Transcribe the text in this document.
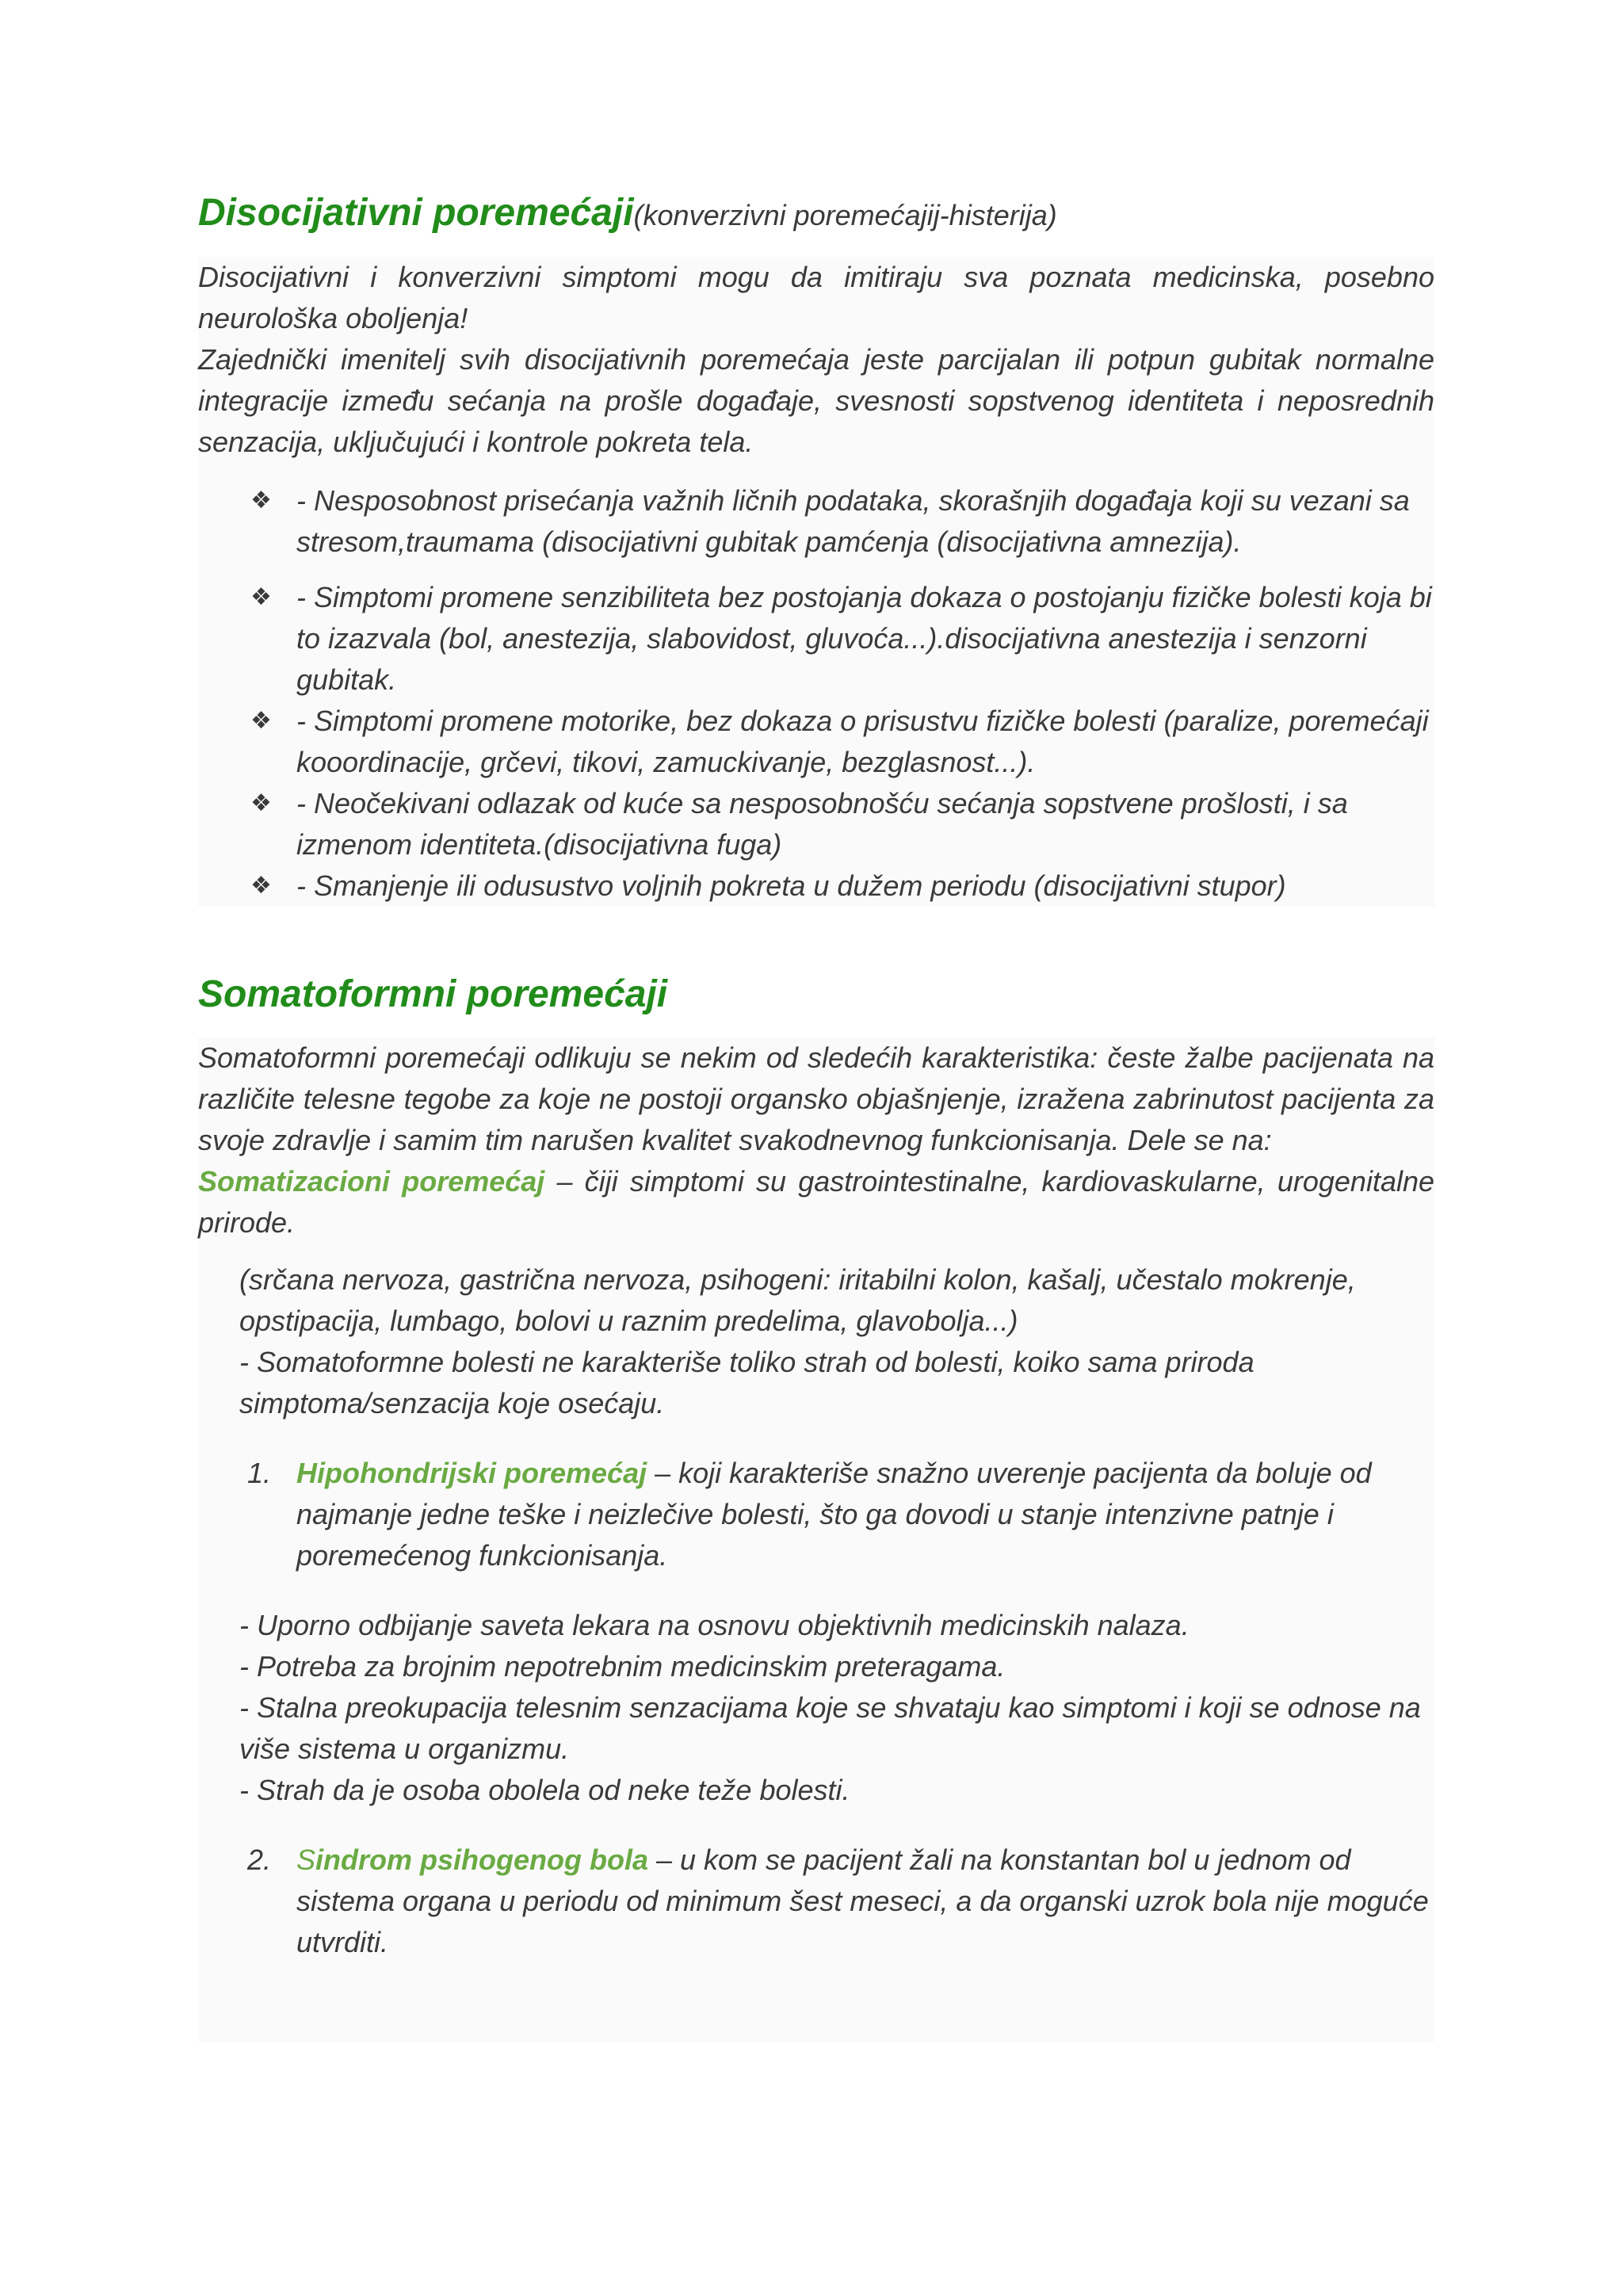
Disocijativni poremećaji(konverzivni poremećajij-histerija)

Disocijativni i konverzivni simptomi mogu da imitiraju sva poznata medicinska, posebno neurološka oboljenja!

Zajednički imenitelj svih disocijativnih poremećaja jeste parcijalan ili potpun gubitak normalne integracije između sećanja na prošle događaje, svesnosti sopstvenog identiteta i neposrednih senzacija, uključujući i kontrole pokreta tela.

❖ - Nesposobnost prisećanja važnih ličnih podataka, skorašnjih događaja koji su vezani sa stresom,traumama (disocijativni gubitak pamćenja (disocijativna amnezija).
❖ - Simptomi promene senzibiliteta bez postojanja dokaza o postojanju fizičke bolesti koja bi to izazvala (bol, anestezija, slabovidost, gluvoća...).disocijativna anestezija i senzorni gubitak.
❖ - Simptomi promene motorike, bez dokaza o prisustvu fizičke bolesti (paralize, poremećaji kooordinacije, grčevi, tikovi, zamuckivanje, bezglasnost...).
❖ - Neočekivani odlazak od kuće sa nesposobnošću sećanja sopstvene prošlosti, i sa izmenom identiteta.(disocijativna fuga)
❖ - Smanjenje ili odusustvo voljnih pokreta u dužem periodu (disocijativni stupor)
Somatoformni poremećaji

Somatoformni poremećaji odlikuju se nekim od sledećih karakteristika: česte žalbe pacijenata na različite telesne tegobe za koje ne postoji organsko objašnjenje, izražena zabrinutost pacijenta za svoje zdravlje i samim tim narušen kvalitet svakodnevnog funkcionisanja. Dele se na:

Somatizacioni poremećaj – čiji simptomi su gastrointestinalne, kardiovaskularne, urogenitalne prirode.

(srčana nervoza, gastrična nervoza, psihogeni: iritabilni kolon, kašalj, učestalo mokrenje, opstipacija, lumbago, bolovi u raznim predelima, glavobolja...)

- Somatoformne bolesti ne karakteriše toliko strah od bolesti, koiko sama priroda simptoma/senzacija koje osećaju.

1. Hipohondrijski poremećaj – koji karakteriše snažno uverenje pacijenta da boluje od najmanje jedne teške i neizlečive bolesti, što ga dovodi u stanje intenzivne patnje i poremećenog funkcionisanja.

- Uporno odbijanje saveta lekara na osnovu objektivnih medicinskih nalaza.

- Potreba za brojnim nepotrebnim medicinskim preteragama.

- Stalna preokupacija telesnim senzacijama koje se shvataju kao simptomi i koji se odnose na više sistema u organizmu.

- Strah da je osoba obolela od neke teže bolesti.

2. Sindrom psihogenog bola – u kom se pacijent žali na konstantan bol u jednom od sistema organa u periodu od minimum šest meseci, a da organski uzrok bola nije moguće utvrditi.
